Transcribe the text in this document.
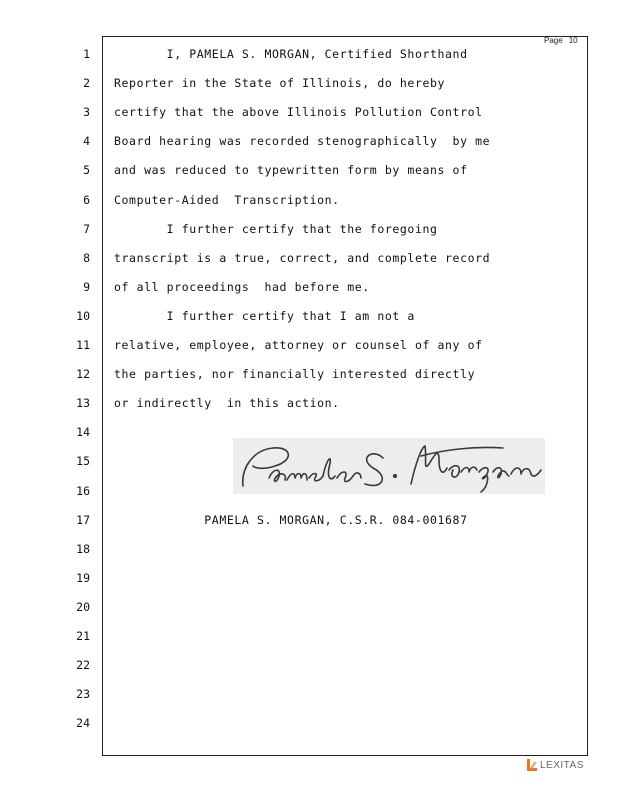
Page 10
1
2
3
4
5
6
7
8
9
10
11
12
13
14
15
16
17
18
19
20
21
22
23
24
I, PAMELA S. MORGAN, Certified Shorthand
Reporter in the State of Illinois, do hereby
certify that the above Illinois Pollution Control
Board hearing was recorded stenographically  by me
and was reduced to typewritten form by means of
Computer-Aided  Transcription.
I further certify that the foregoing
transcript is a true, correct, and complete record
of all proceedings  had before me.
I further certify that I am not a
relative, employee, attorney or counsel of any of
the parties, nor financially interested directly
or indirectly  in this action.
PAMELA S. MORGAN, C.S.R. 084-001687
LEXITAS
